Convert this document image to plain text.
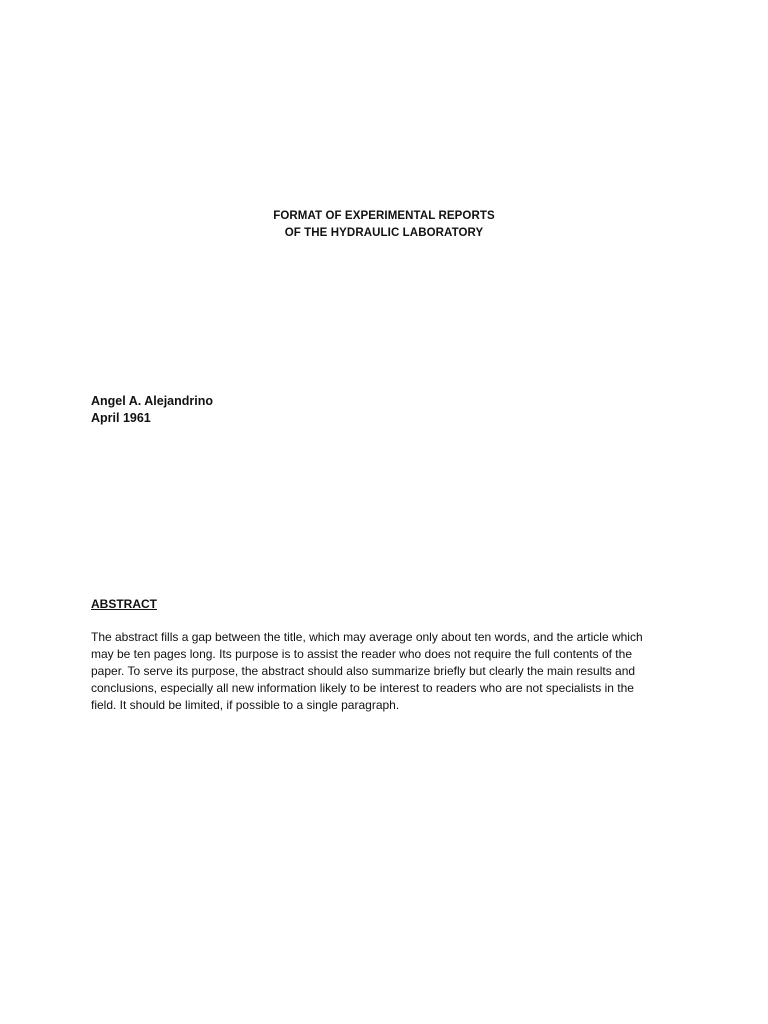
FORMAT OF EXPERIMENTAL REPORTS
OF THE HYDRAULIC LABORATORY
Angel A. Alejandrino
April 1961
ABSTRACT
The abstract fills a gap between the title, which may average only about ten words, and the article which
may be ten pages long. Its purpose is to assist the reader who does not require the full contents of the
paper. To serve its purpose, the abstract should also summarize briefly but clearly the main results and
conclusions, especially all new information likely to be interest to readers who are not specialists in the
field. It should be limited, if possible to a single paragraph.
